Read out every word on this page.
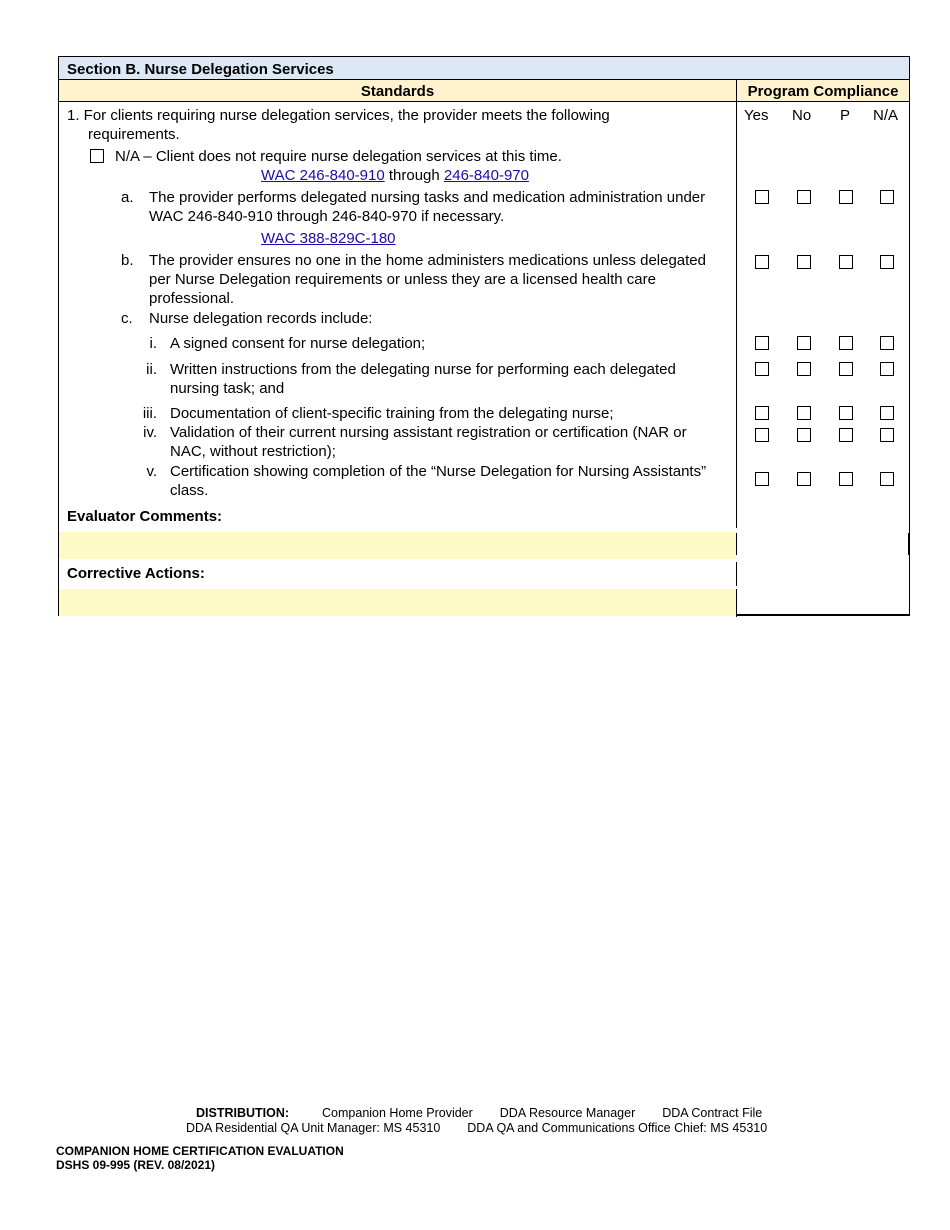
Section B. Nurse Delegation Services
Standards	Program Compliance
Yes No P N/A
1. For clients requiring nurse delegation services, the provider meets the following
requirements.
N/A – Client does not require nurse delegation services at this time.
WAC 246-840-910 through 246-840-970
a. The provider performs delegated nursing tasks and medication administration under
WAC 246-840-910 through 246-840-970 if necessary.
WAC 388-829C-180
b. The provider ensures no one in the home administers medications unless delegated
per Nurse Delegation requirements or unless they are a licensed health care
professional.
c. Nurse delegation records include:
i. A signed consent for nurse delegation;
ii. Written instructions from the delegating nurse for performing each delegated
nursing task; and
iii. Documentation of client-specific training from the delegating nurse;
iv. Validation of their current nursing assistant registration or certification (NAR or
NAC, without restriction);
v. Certification showing completion of the “Nurse Delegation for Nursing Assistants”
class.
Evaluator Comments:
Corrective Actions:
DISTRIBUTION:	Companion Home Provider DDA Resource Manager DDA Contract File
DDA Residential QA Unit Manager: MS 45310 DDA QA and Communications Office Chief: MS 45310
COMPANION HOME CERTIFICATION EVALUATION
DSHS 09-995 (REV. 08/2021)
